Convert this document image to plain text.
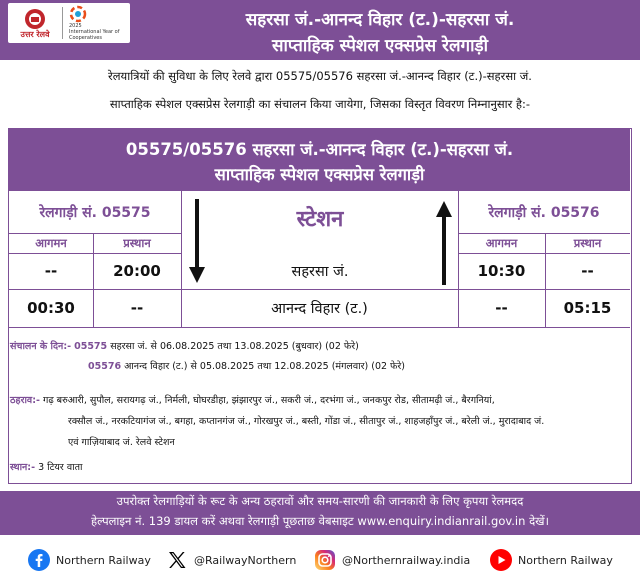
उत्तर रेलवे
2025
International Year of Cooperatives
सहरसा जं.-आनन्द विहार (ट.)-सहरसा जं.
साप्ताहिक स्पेशल एक्सप्रेस रेलगाड़ी
रेलयात्रियों की सुविधा के लिए रेलवे द्वारा 05575/05576 सहरसा जं.-आनन्द विहार (ट.)-सहरसा जं.
साप्ताहिक स्पेशल एक्सप्रेस रेलगाड़ी का संचालन किया जायेगा, जिसका विस्तृत विवरण निम्नानुसार है:-
05575/05576 सहरसा जं.-आनन्द विहार (ट.)-सहरसा जं.
साप्ताहिक स्पेशल एक्सप्रेस रेलगाड़ी
रेलगाड़ी सं. 05575
आगमन	प्रस्थान
स्टेशन	रेलगाड़ी सं. 05576
आगमन	प्रस्थान
--	20:00	सहरसा जं.	10:30	--
00:30	--	आनन्द विहार (ट.)	--	05:15
संचालन के दिन:- 05575 सहरसा जं. से 06.08.2025 तथा 13.08.2025 (बुधवार) (02 फेरे)
05576 आनन्द विहार (ट.) से 05.08.2025 तथा 12.08.2025 (मंगलवार) (02 फेरे)
ठहराव:- गढ़ बरुआरी, सुपौल, सरायगढ़ जं., निर्मली, घोघरडीहा, झंझारपुर जं., सकरी जं., दरभंगा जं., जनकपुर रोड, सीतामढ़ी जं., बैरगनियां,
रक्सौल जं., नरकटियागंज जं., बगहा, कप्तानगंज जं., गोरखपुर जं., बस्ती, गोंडा जं., सीतापुर जं., शाहजहाँपुर जं., बरेली जं., मुरादाबाद जं.
एवं गाज़ियाबाद जं. रेलवे स्टेशन
स्थान:- 3 टियर वाता
उपरोक्त रेलगाड़ियों के रूट के अन्य ठहरावों और समय-सारणी की जानकारी के लिए कृपया रेलमदद
हेल्पलाइन नं. 139 डायल करें अथवा रेलगाड़ी पूछताछ वेबसाइट www.enquiry.indianrail.gov.in देखें।
Northern Railway	@RailwayNorthern	@Northernrailway.india	Northern Railway
